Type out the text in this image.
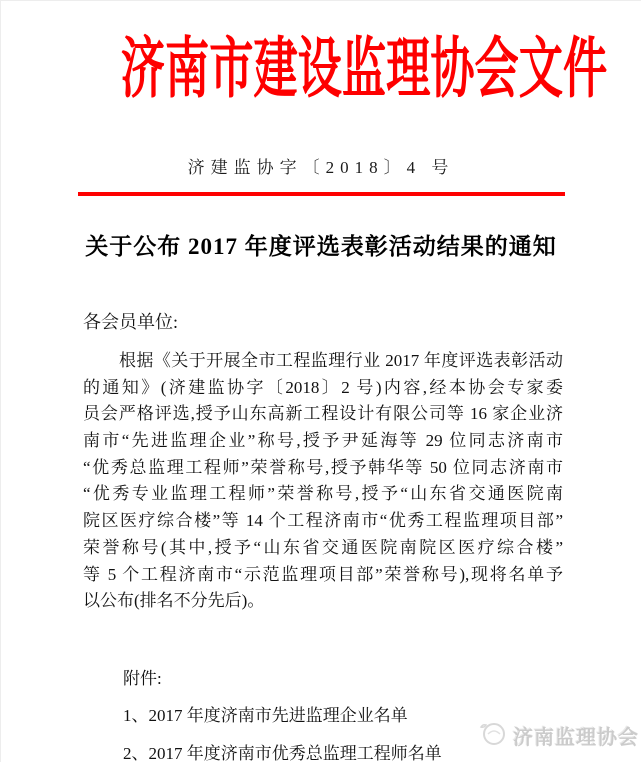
济南市建设监理协会文件
济建监协字〔2018〕4 号
关于公布 2017 年度评选表彰活动结果的通知
各会员单位:
根据《关于开展全市工程监理行业 2017 年度评选表彰活动
的通知》(济建监协字〔2018〕2 号)内容,经本协会专家委
员会严格评选,授予山东高新工程设计有限公司等 16 家企业济
南市“先进监理企业”称号,授予尹延海等 29 位同志济南市
“优秀总监理工程师”荣誉称号,授予韩华等 50 位同志济南市
“优秀专业监理工程师”荣誉称号,授予“山东省交通医院南
院区医疗综合楼”等 14 个工程济南市“优秀工程监理项目部”
荣誉称号(其中,授予“山东省交通医院南院区医疗综合楼”
等 5 个工程济南市“示范监理项目部”荣誉称号),现将名单予
以公布(排名不分先后)。
附件:
1、2017 年度济南市先进监理企业名单
2、2017 年度济南市优秀总监理工程师名单
济南监理协会
